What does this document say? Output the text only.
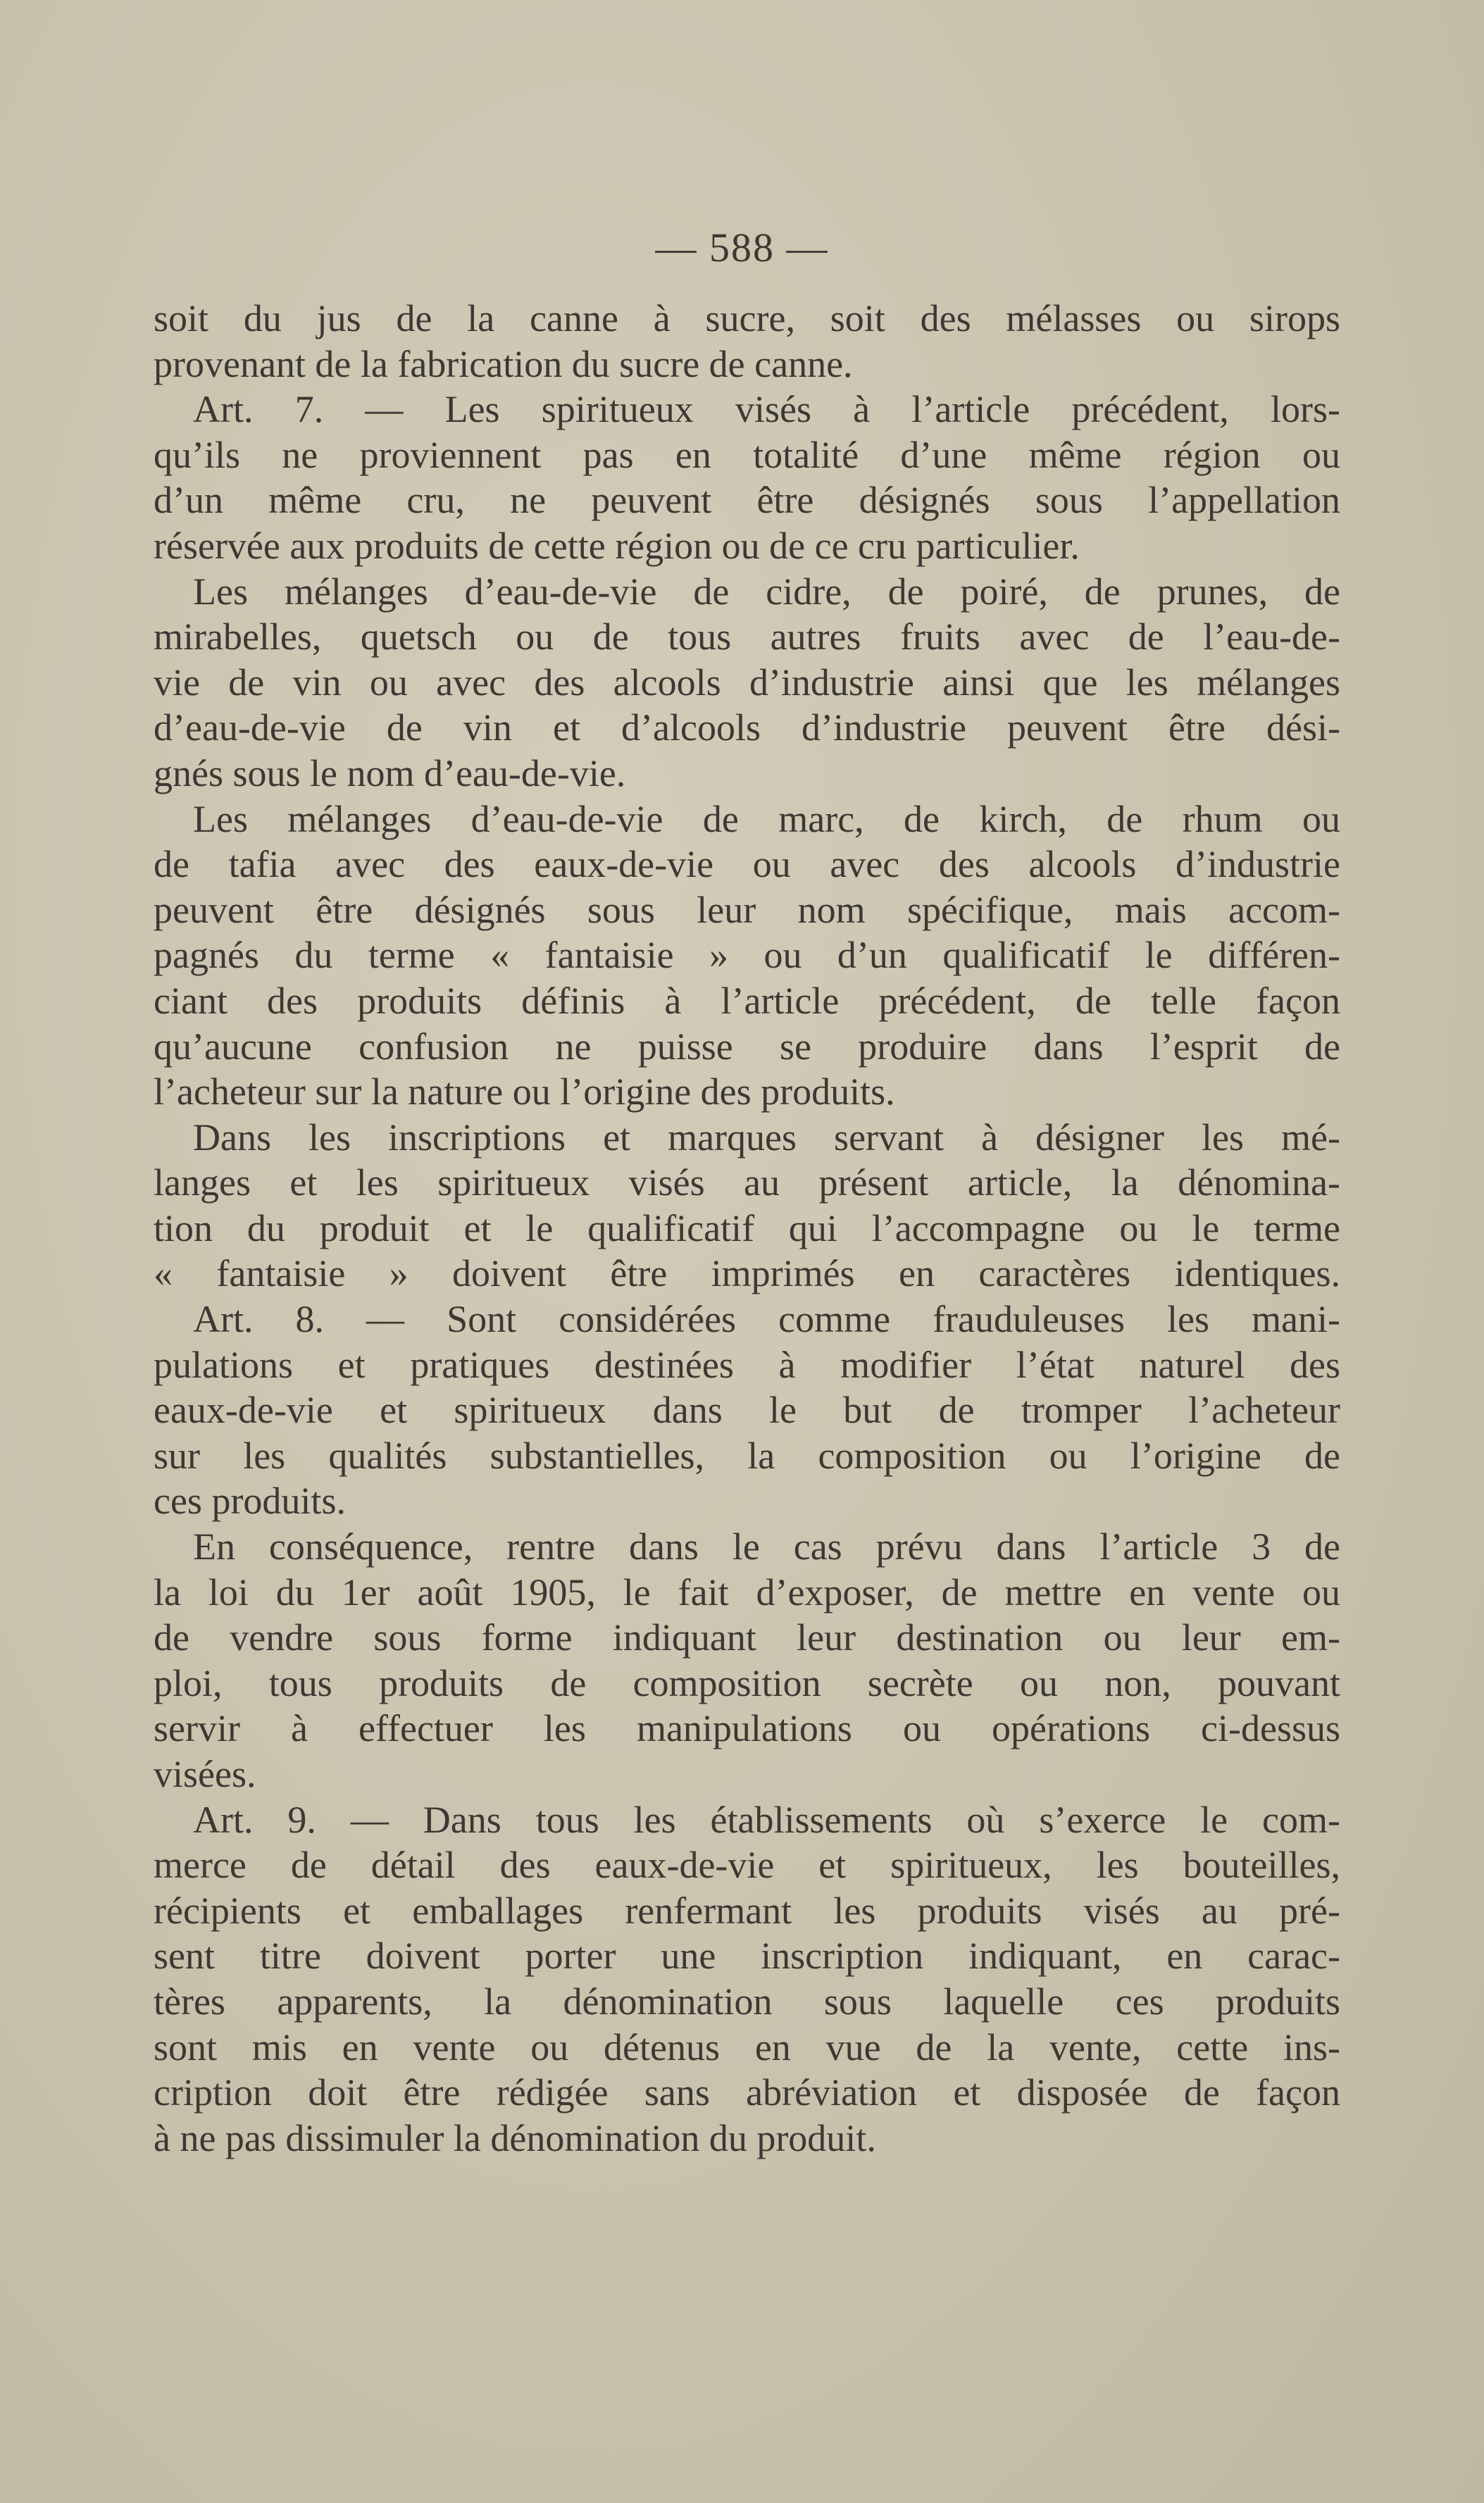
— 588 —
soit du jus de la canne à sucre, soit des mélasses ou sirops
provenant de la fabrication du sucre de canne.
Art. 7. — Les spiritueux visés à l’article précédent, lors-
qu’ils ne proviennent pas en totalité d’une même région ou
d’un même cru, ne peuvent être désignés sous l’appellation
réservée aux produits de cette région ou de ce cru particulier.
Les mélanges d’eau-de-vie de cidre, de poiré, de prunes, de
mirabelles, quetsch ou de tous autres fruits avec de l’eau-de-
vie de vin ou avec des alcools d’industrie ainsi que les mélanges
d’eau-de-vie de vin et d’alcools d’industrie peuvent être dési-
gnés sous le nom d’eau-de-vie.
Les mélanges d’eau-de-vie de marc, de kirch, de rhum ou
de tafia avec des eaux-de-vie ou avec des alcools d’industrie
peuvent être désignés sous leur nom spécifique, mais accom-
pagnés du terme « fantaisie » ou d’un qualificatif le différen-
ciant des produits définis à l’article précédent, de telle façon
qu’aucune confusion ne puisse se produire dans l’esprit de
l’acheteur sur la nature ou l’origine des produits.
Dans les inscriptions et marques servant à désigner les mé-
langes et les spiritueux visés au présent article, la dénomina-
tion du produit et le qualificatif qui l’accompagne ou le terme
« fantaisie » doivent être imprimés en caractères identiques.
Art. 8. — Sont considérées comme frauduleuses les mani-
pulations et pratiques destinées à modifier l’état naturel des
eaux-de-vie et spiritueux dans le but de tromper l’acheteur
sur les qualités substantielles, la composition ou l’origine de
ces produits.
En conséquence, rentre dans le cas prévu dans l’article 3 de
la loi du 1er août 1905, le fait d’exposer, de mettre en vente ou
de vendre sous forme indiquant leur destination ou leur em-
ploi, tous produits de composition secrète ou non, pouvant
servir à effectuer les manipulations ou opérations ci-dessus
visées.
Art. 9. — Dans tous les établissements où s’exerce le com-
merce de détail des eaux-de-vie et spiritueux, les bouteilles,
récipients et emballages renfermant les produits visés au pré-
sent titre doivent porter une inscription indiquant, en carac-
tères apparents, la dénomination sous laquelle ces produits
sont mis en vente ou détenus en vue de la vente, cette ins-
cription doit être rédigée sans abréviation et disposée de façon
à ne pas dissimuler la dénomination du produit.
